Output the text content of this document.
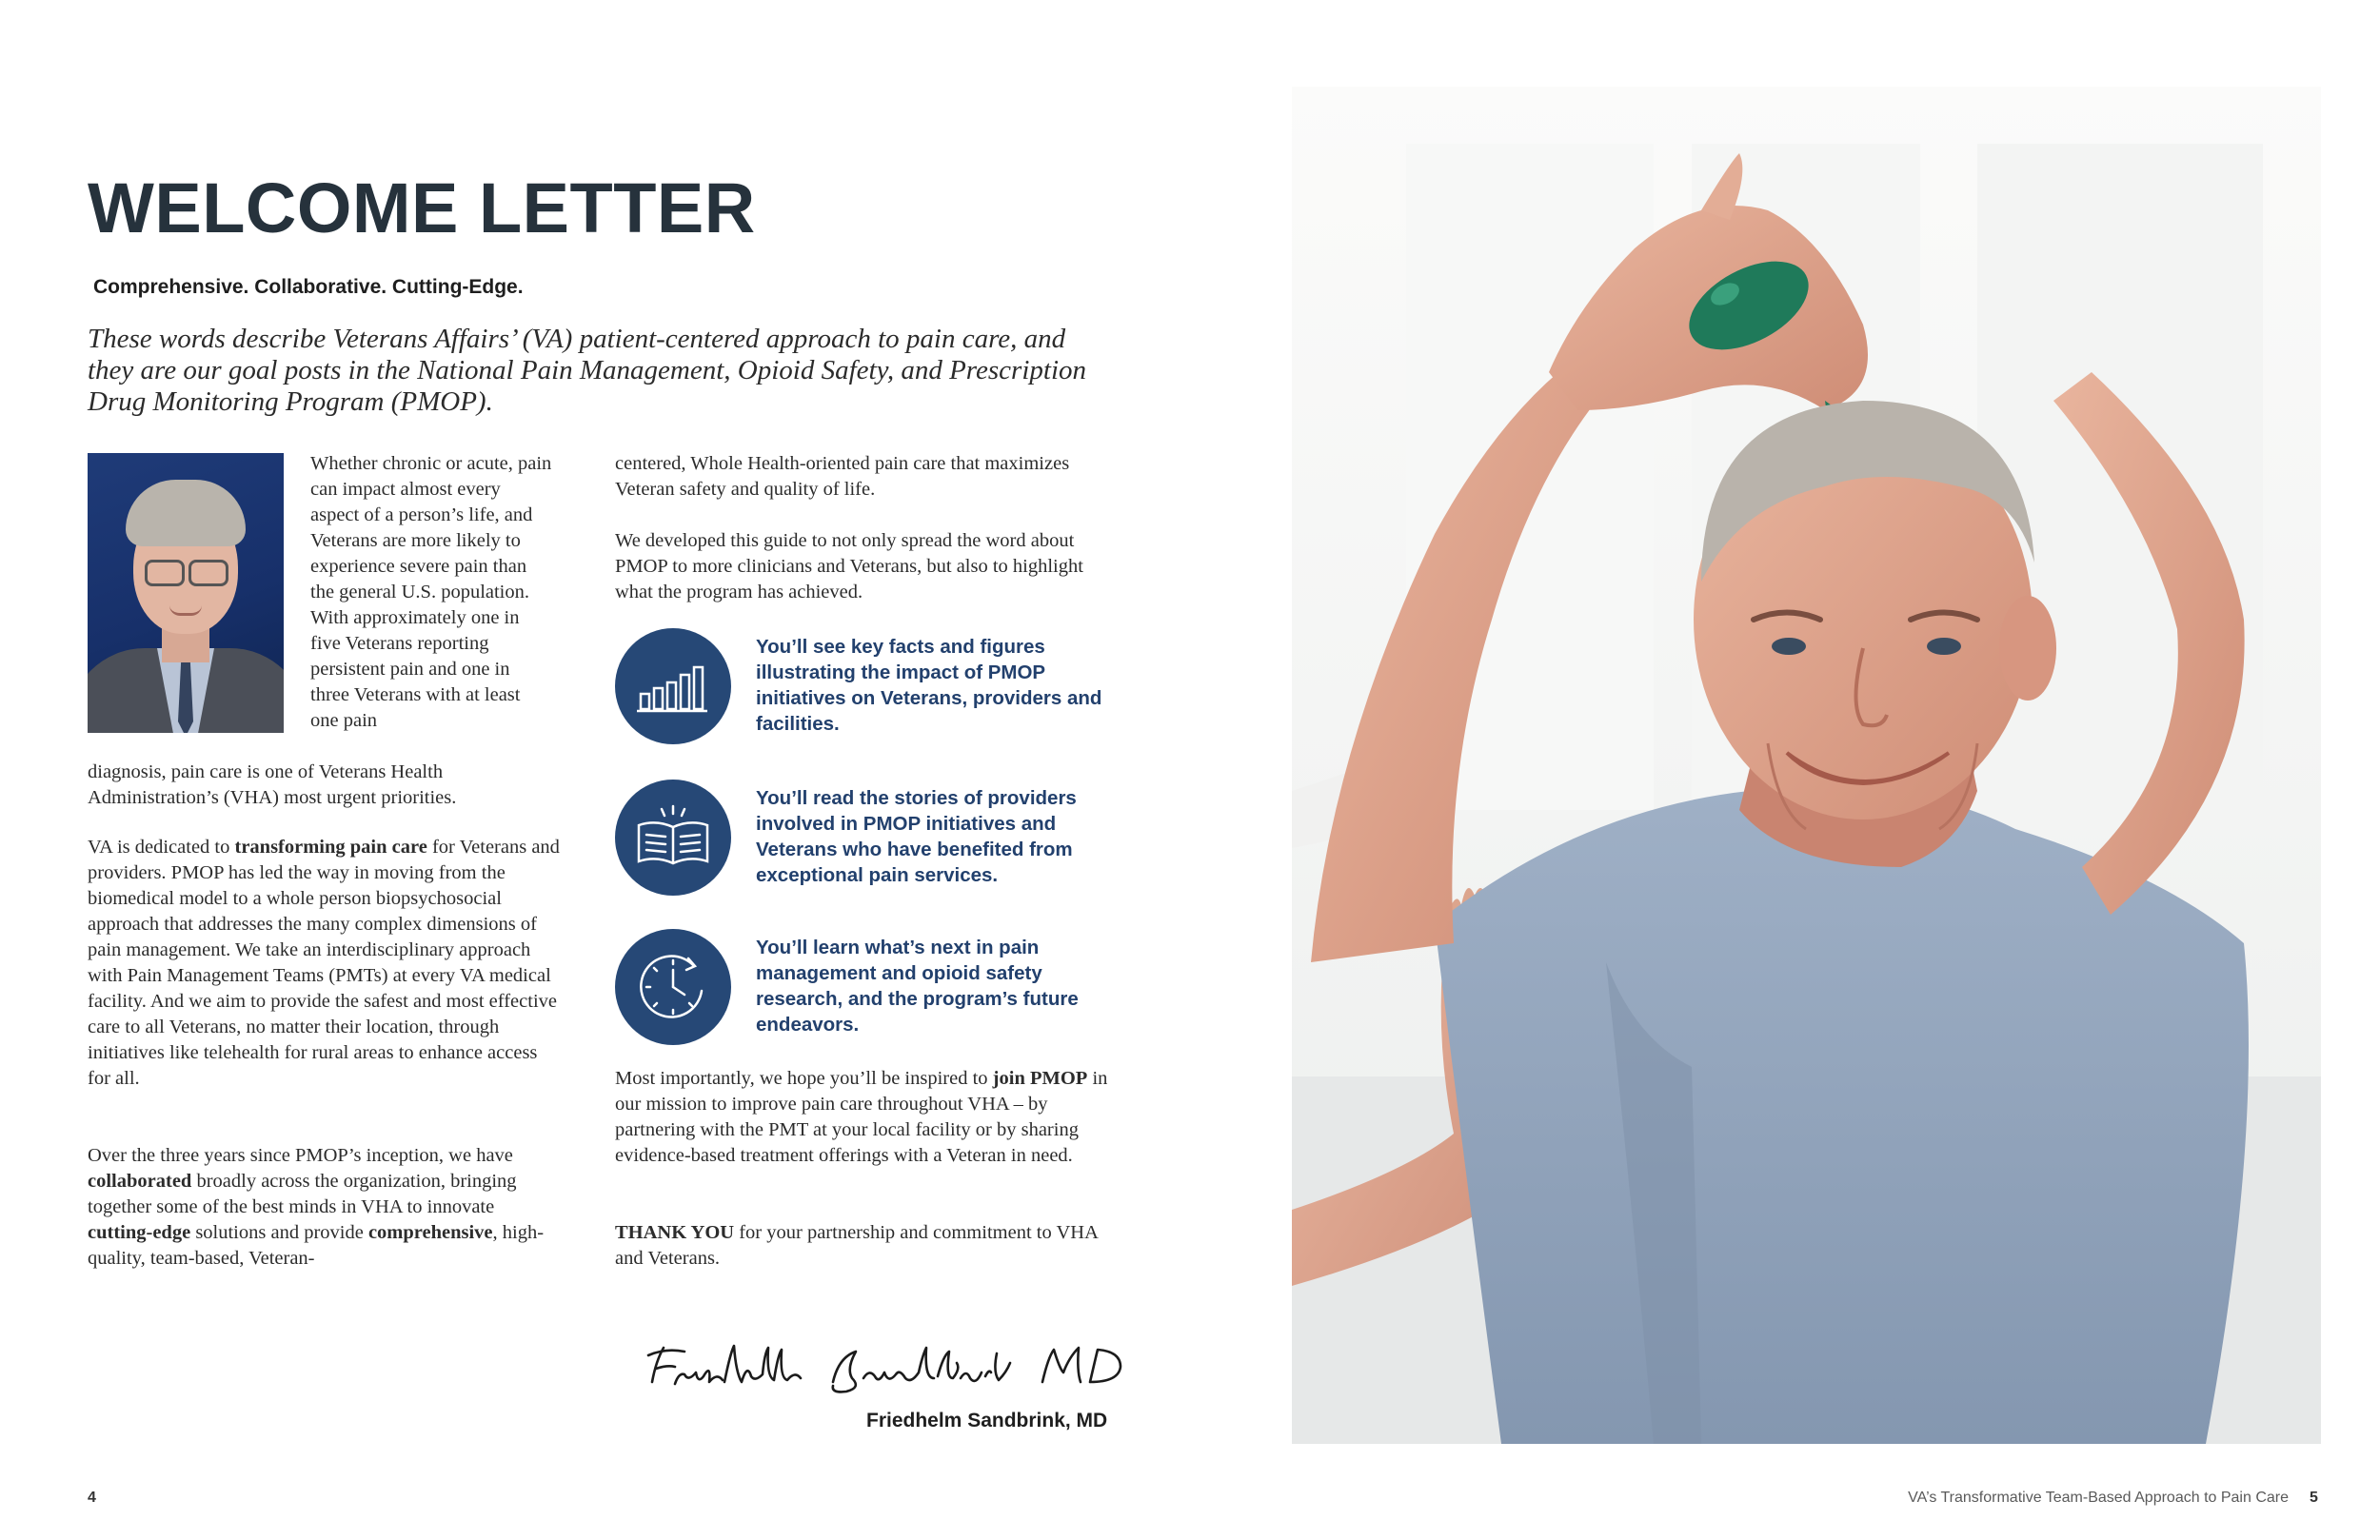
WELCOME LETTER
Comprehensive. Collaborative. Cutting-Edge.

These words describe Veterans Affairs’ (VA) patient-centered approach to pain care, and they are our goal posts in the National Pain Management, Opioid Safety, and Prescription Drug Monitoring Program (PMOP).

Whether chronic or acute, pain can impact almost every aspect of a person’s life, and Veterans are more likely to experience severe pain than the general U.S. population. With approximately one in five Veterans reporting persistent pain and one in three Veterans with at least one pain

diagnosis, pain care is one of Veterans Health Administration’s (VHA) most urgent priorities.

VA is dedicated to transforming pain care for Veterans and providers. PMOP has led the way in moving from the biomedical model to a whole person biopsychosocial approach that addresses the many complex dimensions of pain management. We take an interdisciplinary approach with Pain Management Teams (PMTs) at every VA medical facility. And we aim to provide the safest and most effective care to all Veterans, no matter their location, through initiatives like telehealth for rural areas to enhance access for all.

Over the three years since PMOP’s inception, we have collaborated broadly across the organization, bringing together some of the best minds in VHA to innovate cutting-edge solutions and provide comprehensive, high-quality, team-based, Veteran-

centered, Whole Health-oriented pain care that maximizes Veteran safety and quality of life.

We developed this guide to not only spread the word about PMOP to more clinicians and Veterans, but also to highlight what the program has achieved.

You’ll see key facts and figures illustrating the impact of PMOP initiatives on Veterans, providers and facilities.
You’ll read the stories of providers involved in PMOP initiatives and Veterans who have benefited from exceptional pain services.
You’ll learn what’s next in pain management and opioid safety research, and the program’s future endeavors.

Most importantly, we hope you’ll be inspired to join PMOP in our mission to improve pain care throughout VHA – by partnering with the PMT at your local facility or by sharing evidence-based treatment offerings with a Veteran in need.

THANK YOU for your partnership and commitment to VHA and Veterans.

Friedhelm Sandbrink, MD
4	VA’s Transformative Team-Based Approach to Pain Care 5
